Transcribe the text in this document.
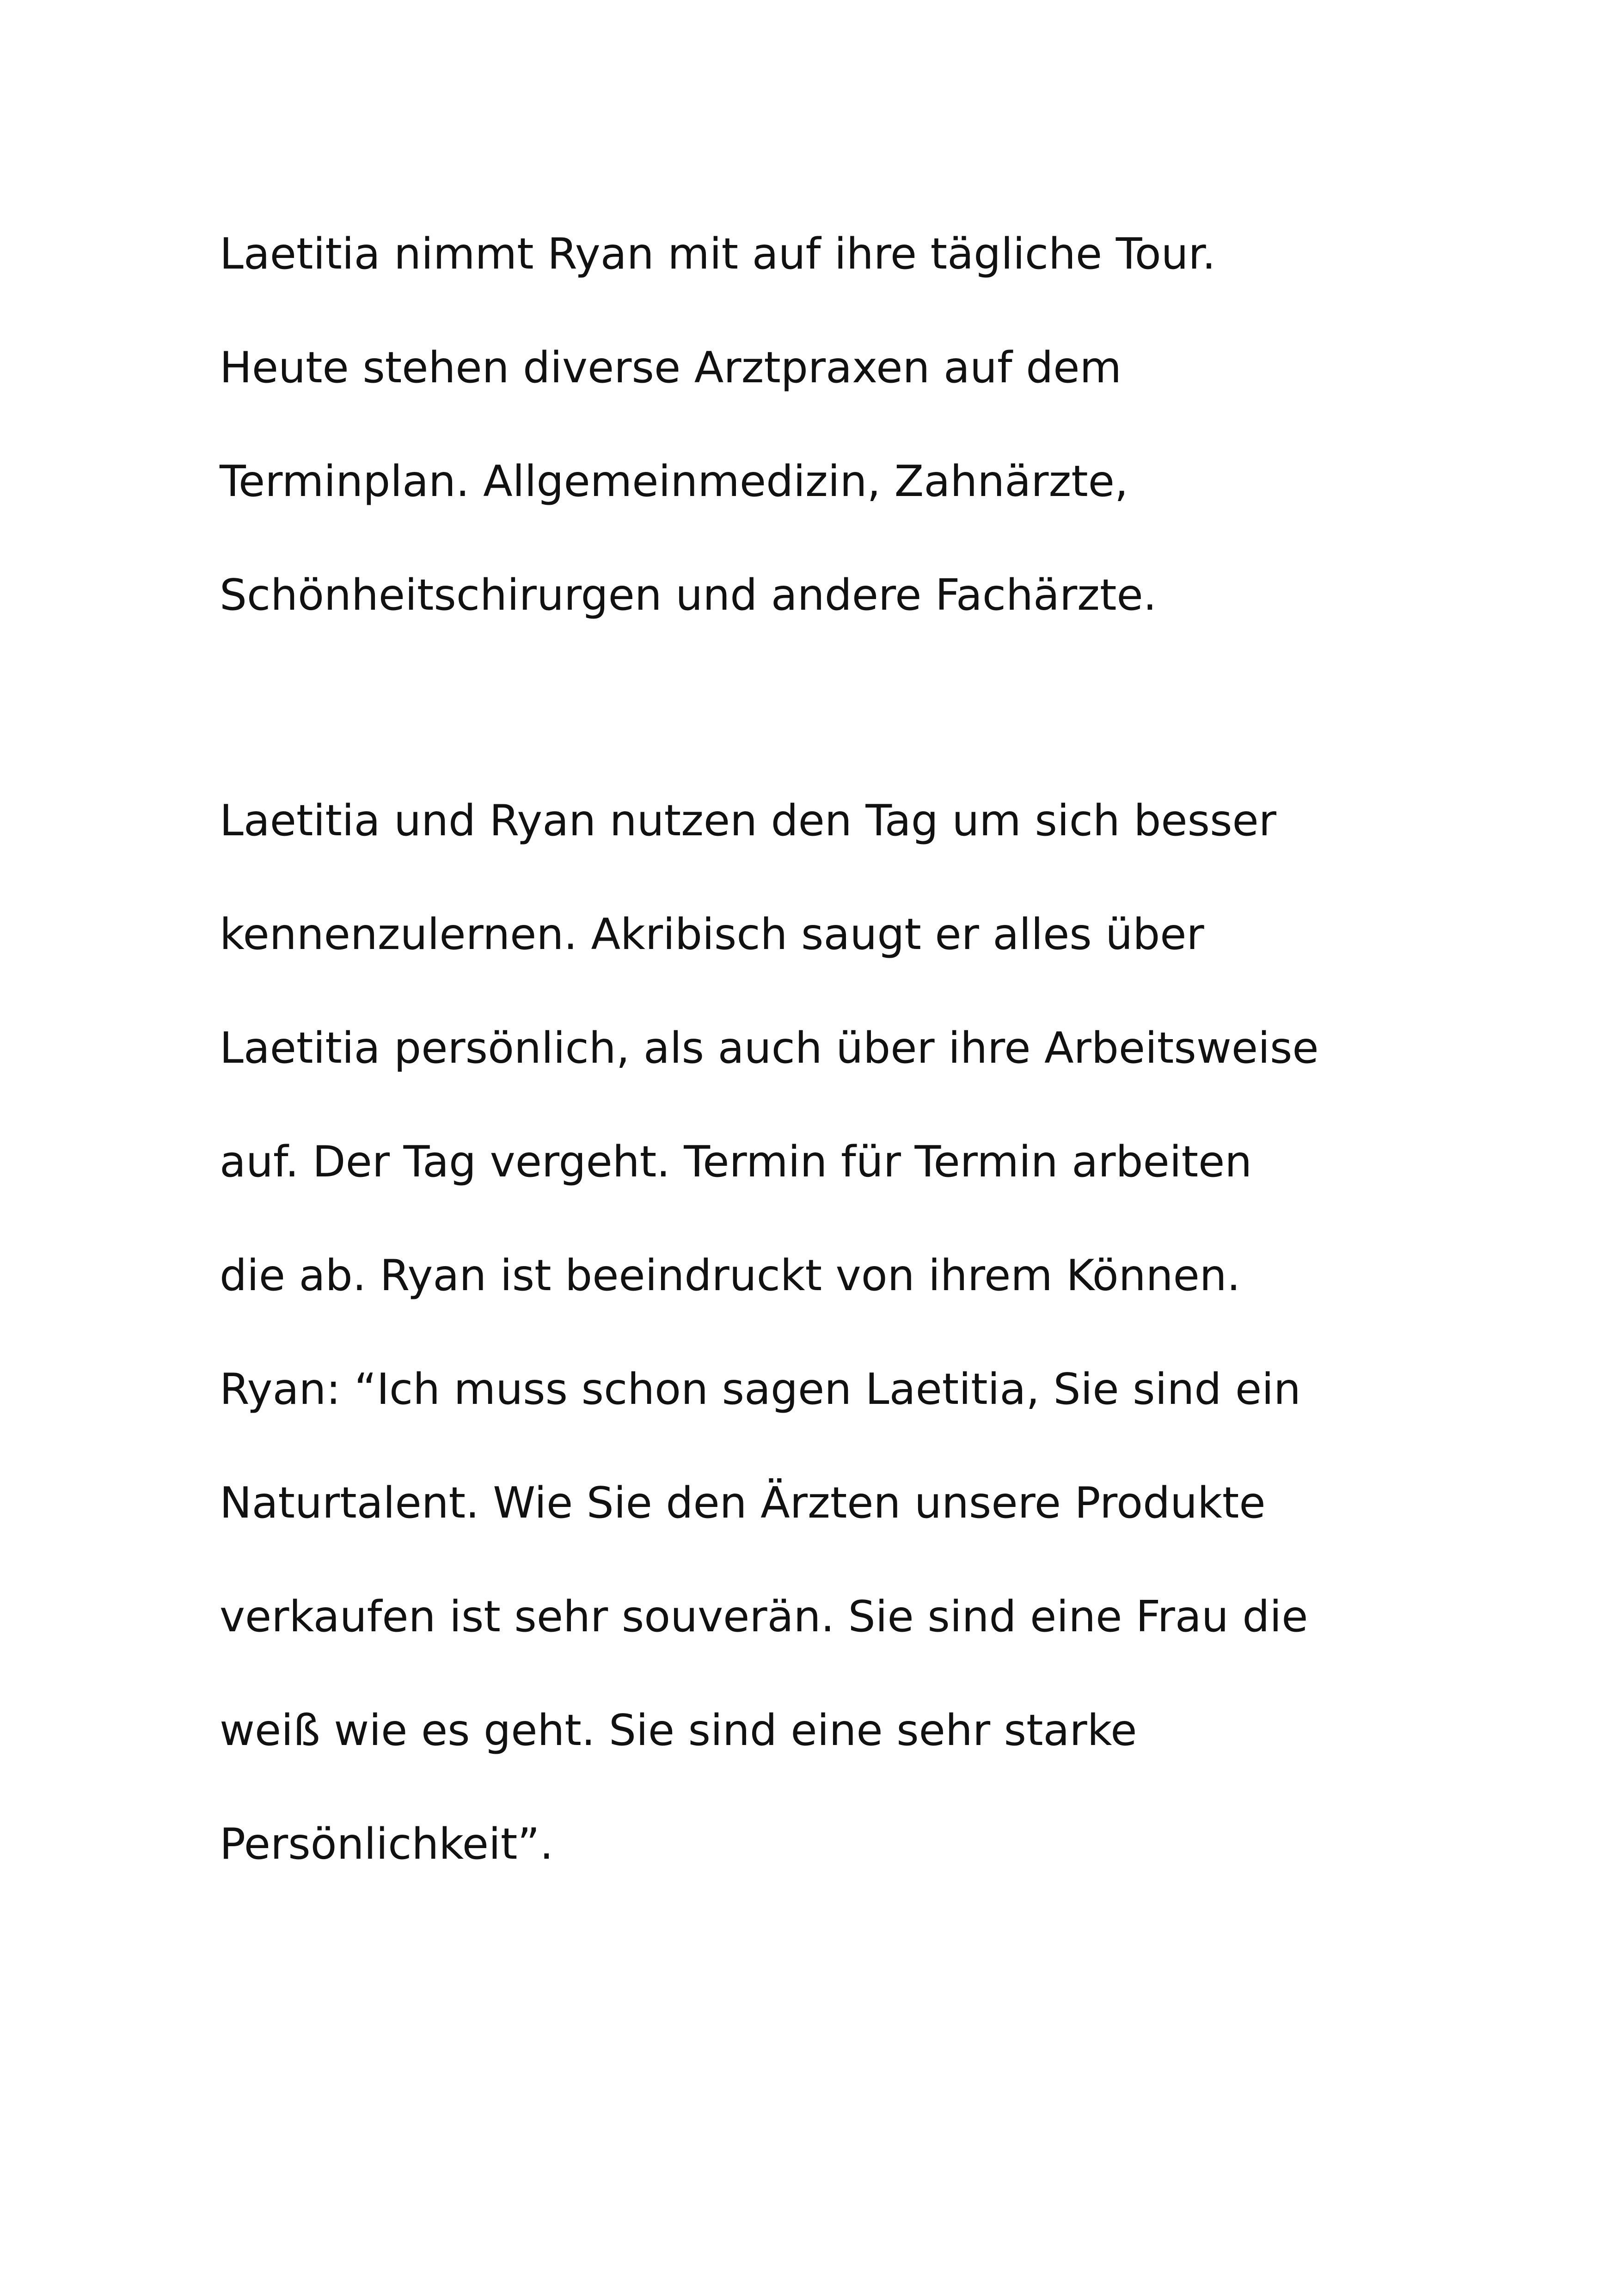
Laetitia nimmt Ryan mit auf ihre tägliche Tour.
Heute stehen diverse Arztpraxen auf dem
Terminplan. Allgemeinmedizin, Zahnärzte,
Schönheitschirurgen und andere Fachärzte.
Laetitia und Ryan nutzen den Tag um sich besser
kennenzulernen. Akribisch saugt er alles über
Laetitia persönlich, als auch über ihre Arbeitsweise
auf. Der Tag vergeht. Termin für Termin arbeiten
die ab. Ryan ist beeindruckt von ihrem Können.
Ryan: “Ich muss schon sagen Laetitia, Sie sind ein
Naturtalent. Wie Sie den Ärzten unsere Produkte
verkaufen ist sehr souverän. Sie sind eine Frau die
weiß wie es geht. Sie sind eine sehr starke
Persönlichkeit”.
